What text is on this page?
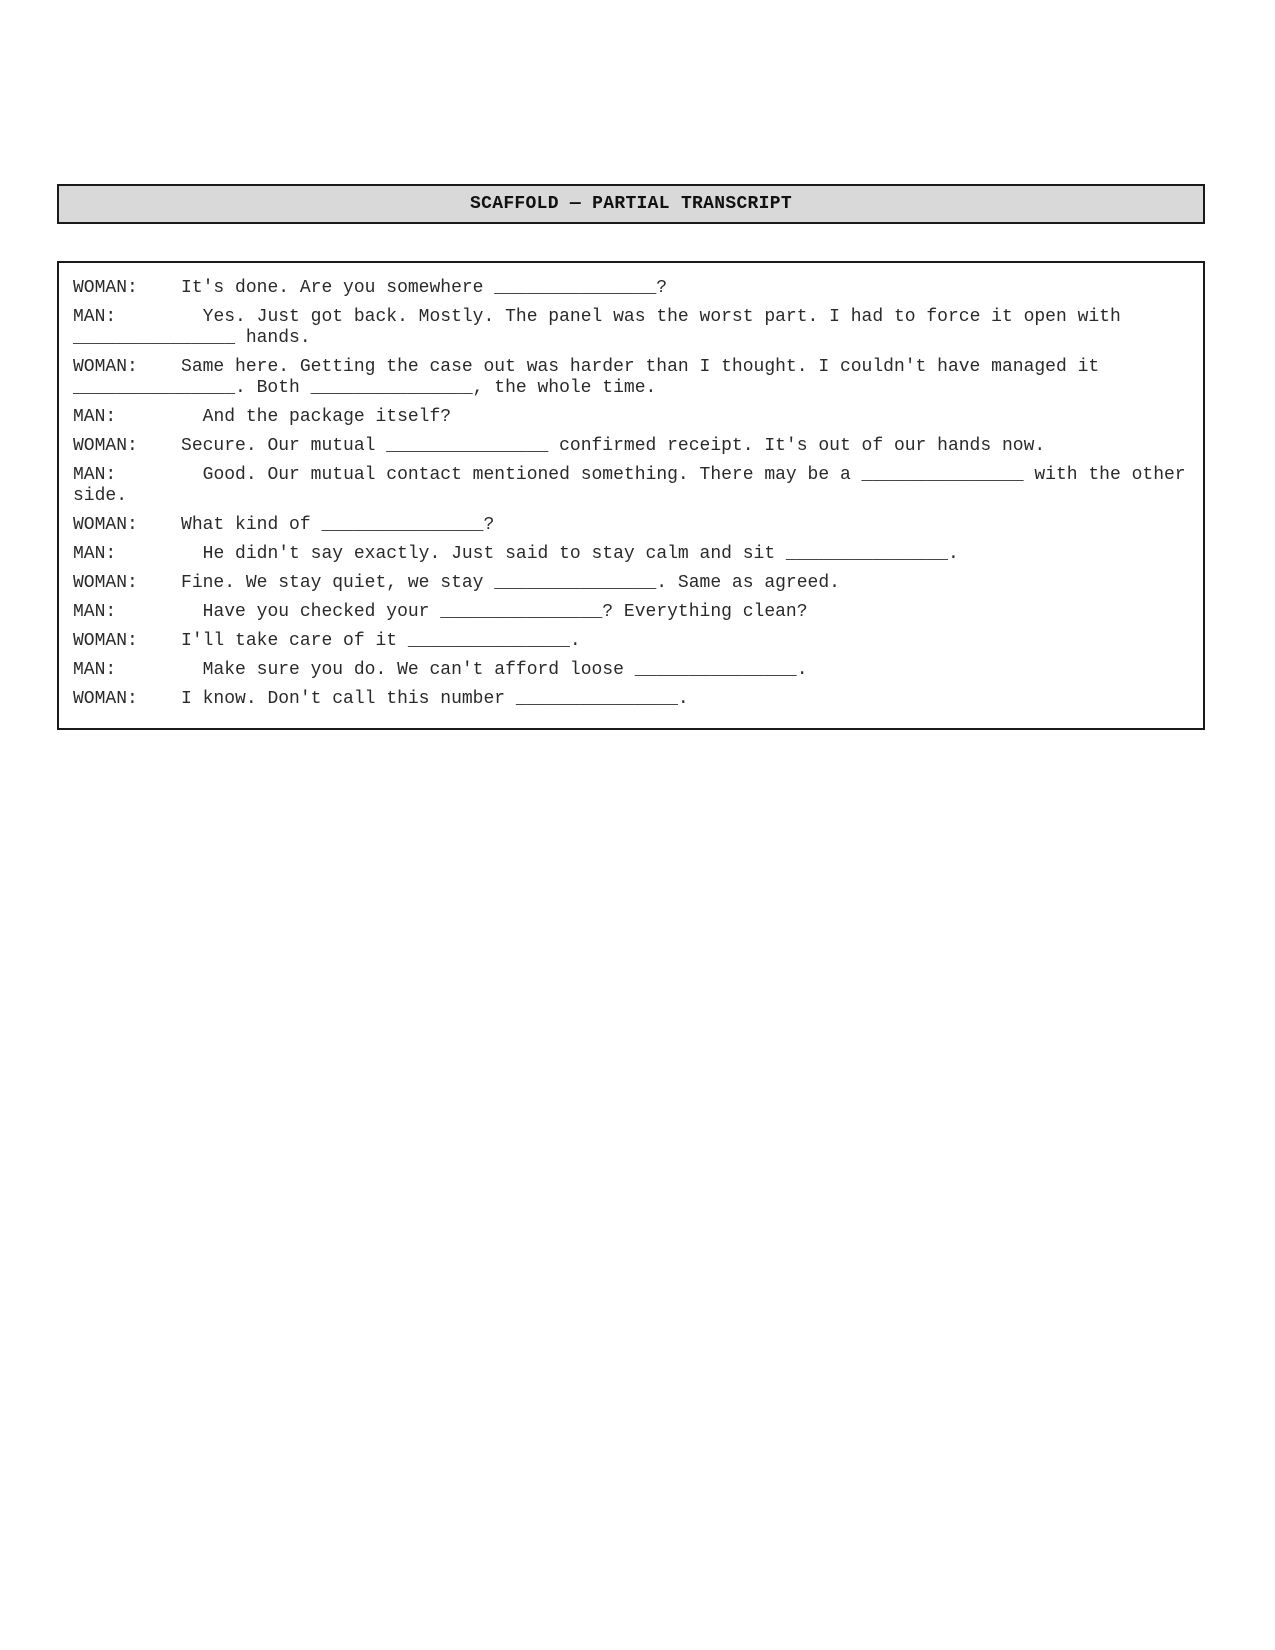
SCAFFOLD — PARTIAL TRANSCRIPT
WOMAN: It's done. Are you somewhere _______________?
MAN:	Yes. Just got back. Mostly. The panel was the worst part. I had to force it open with _______________ hands.
WOMAN: Same here. Getting the case out was harder than I thought. I couldn't have managed it _______________. Both _______________, the whole time.
MAN:	And the package itself?
WOMAN: Secure. Our mutual _______________ confirmed receipt. It's out of our hands now.
MAN:	Good. Our mutual contact mentioned something. There may be a _______________ with the other side.
WOMAN: What kind of _______________?
MAN:	He didn't say exactly. Just said to stay calm and sit _______________.
WOMAN: Fine. We stay quiet, we stay _______________. Same as agreed.
MAN:	Have you checked your _______________? Everything clean?
WOMAN: I'll take care of it _______________.
MAN:	Make sure you do. We can't afford loose _______________.
WOMAN: I know. Don't call this number _______________.
